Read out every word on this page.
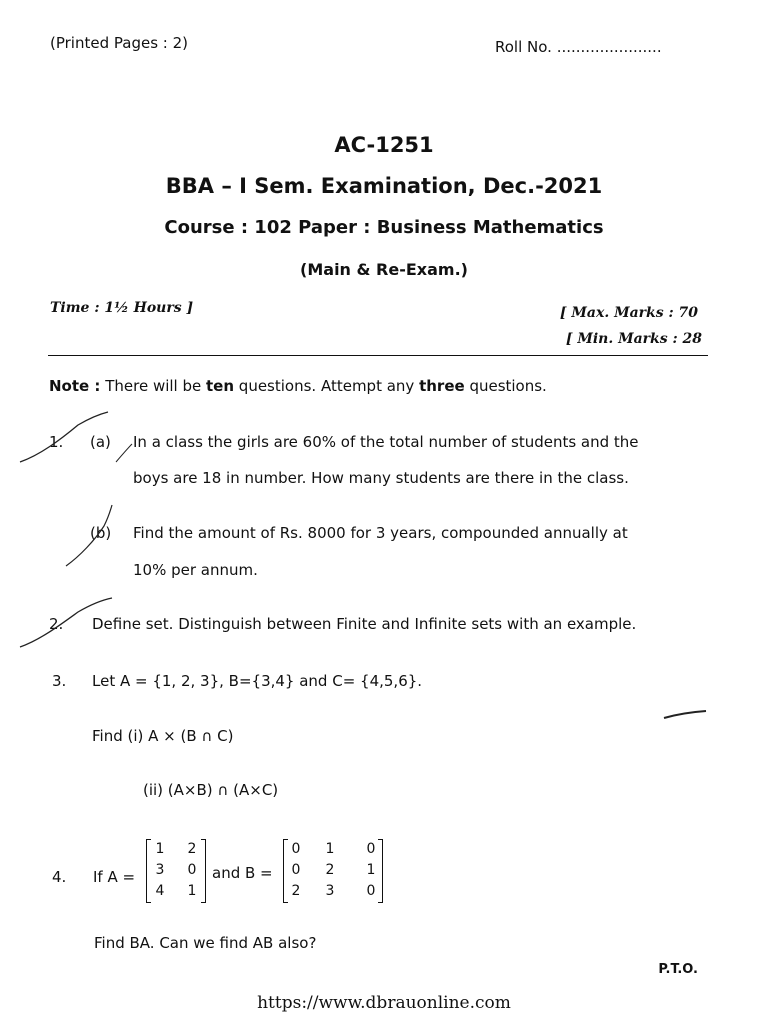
(Printed Pages : 2)	Roll No. ......................
AC-1251
BBA – I Sem. Examination, Dec.-2021
Course : 102 Paper : Business Mathematics
(Main & Re-Exam.)
Time : 1½ Hours ]	[ Max. Marks : 70
[ Min. Marks : 28
Note : There will be ten questions. Attempt any three questions.
1. (a) In a class the girls are 60% of the total number of students and the
boys are 18 in number. How many students are there in the class.
(b) Find the amount of Rs. 8000 for 3 years, compounded annually at
10% per annum.
2. Define set. Distinguish between Finite and Infinite sets with an example.
3. Let A = {1, 2, 3}, B={3,4} and C= {4,5,6}.
Find (i) A × (B ∩ C)
(ii) (A×B) ∩ (A×C)
4. If A =
1 2
3 0
4 1
and B =
0 1 0
0 2 1
2 3 0
Find BA. Can we find AB also?
P.T.O.
https://www.dbrauonline.com
